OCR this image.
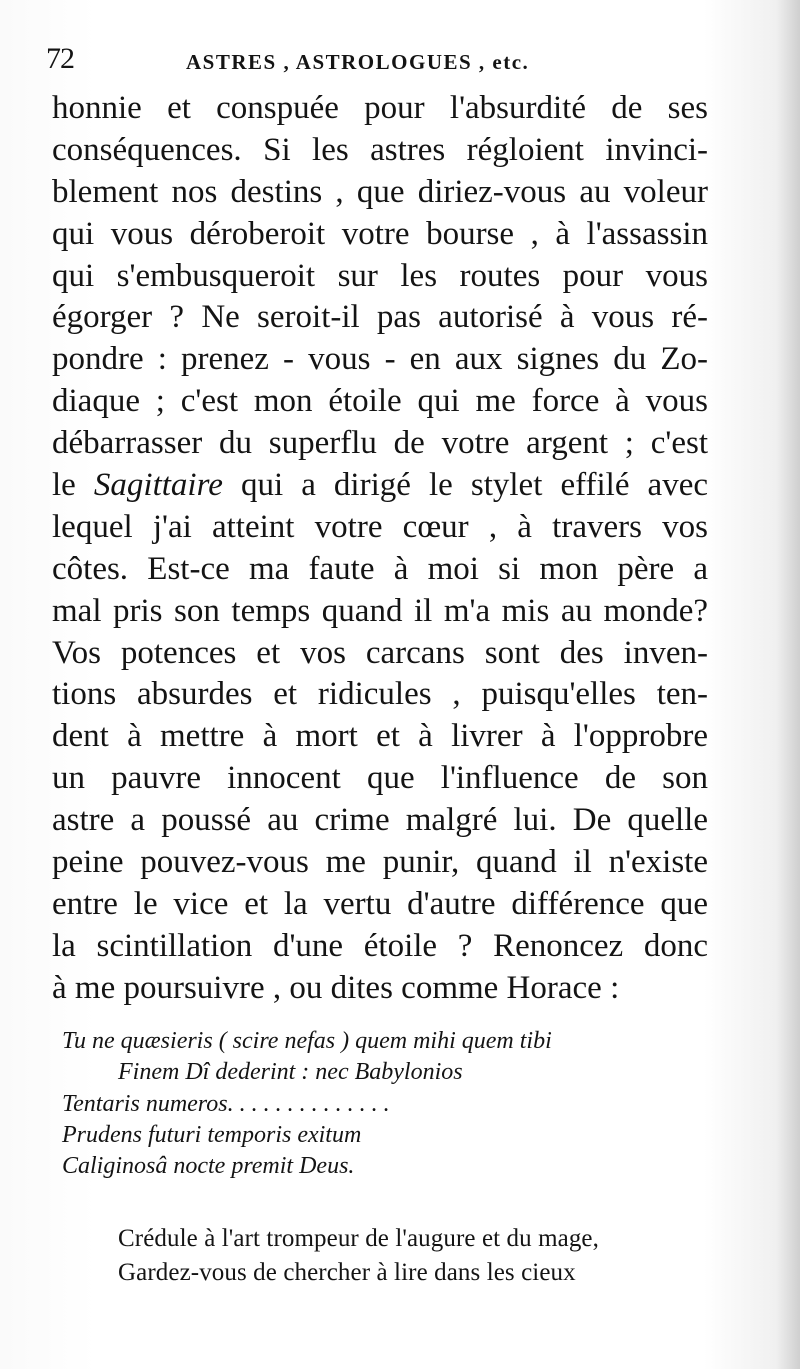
72	ASTRES , ASTROLOGUES , etc.
honnie et conspuée pour l'absurdité de ses
conséquences. Si les astres régloient invinci-
blement nos destins , que diriez-vous au voleur
qui vous déroberoit votre bourse , à l'assassin
qui s'embusqueroit sur les routes pour vous
égorger ? Ne seroit-il pas autorisé à vous ré-
pondre : prenez - vous - en aux signes du Zo-
diaque ; c'est mon étoile qui me force à vous
débarrasser du superflu de votre argent ; c'est
le Sagittaire qui a dirigé le stylet effilé avec
lequel j'ai atteint votre cœur , à travers vos
côtes. Est-ce ma faute à moi si mon père a
mal pris son temps quand il m'a mis au monde?
Vos potences et vos carcans sont des inven-
tions absurdes et ridicules , puisqu'elles ten-
dent à mettre à mort et à livrer à l'opprobre
un pauvre innocent que l'influence de son
astre a poussé au crime malgré lui. De quelle
peine pouvez-vous me punir, quand il n'existe
entre le vice et la vertu d'autre différence que
la scintillation d'une étoile ? Renoncez donc
à me poursuivre , ou dites comme Horace :
Tu ne quæsieris ( scire nefas ) quem mihi quem tibi
Finem Dî dederint : nec Babylonios
Tentaris numeros. . . . . . . . . . . . . .
Prudens futuri temporis exitum
Caliginosâ nocte premit Deus.
Crédule à l'art trompeur de l'augure et du mage,
Gardez-vous de chercher à lire dans les cieux
